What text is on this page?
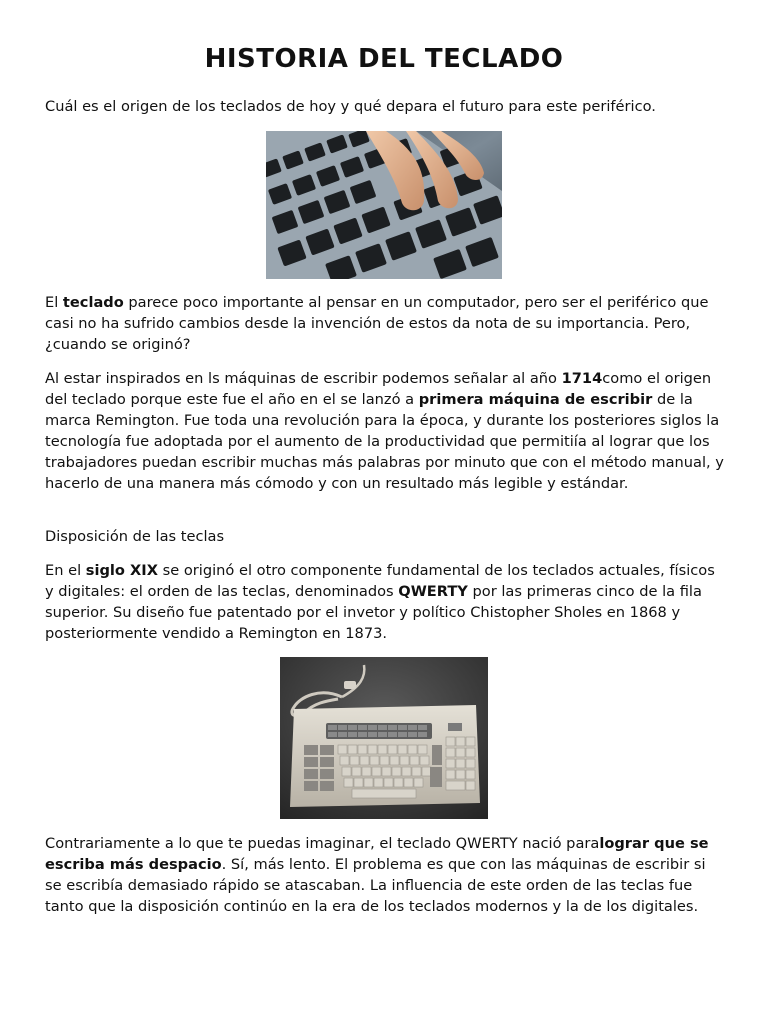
HISTORIA DEL TECLADO

Cuál es el origen de los teclados de hoy y qué depara el futuro para este periférico.

El teclado parece poco importante al pensar en un computador, pero ser el periférico que casi no ha sufrido cambios desde la invención de estos da nota de su importancia. Pero, ¿cuando se originó?

Al estar inspirados en ls máquinas de escribir podemos señalar al año 1714como el origen del teclado porque este fue el año en el se lanzó a primera máquina de escribir de la marca Remington. Fue toda una revolución para la época, y durante los posteriores siglos la tecnología fue adoptada por el aumento de la productividad que permitiía al lograr que los trabajadores puedan escribir muchas más palabras por minuto que con el método manual, y hacerlo de una manera más cómodo y con un resultado más legible y estándar.

Disposición de las teclas

En el siglo XIX se originó el otro componente fundamental de los teclados actuales, físicos y digitales: el orden de las teclas, denominados QWERTY por las primeras cinco de la fila superior. Su diseño fue patentado por el invetor y político Chistopher Sholes en 1868 y posteriormente vendido a Remington en 1873.

Contrariamente a lo que te puedas imaginar, el teclado QWERTY nació paralograr que se escriba más despacio. Sí, más lento. El problema es que con las máquinas de escribir si se escribía demasiado rápido se atascaban. La influencia de este orden de las teclas fue tanto que la disposición continúo en la era de los teclados modernos y la de los digitales.
